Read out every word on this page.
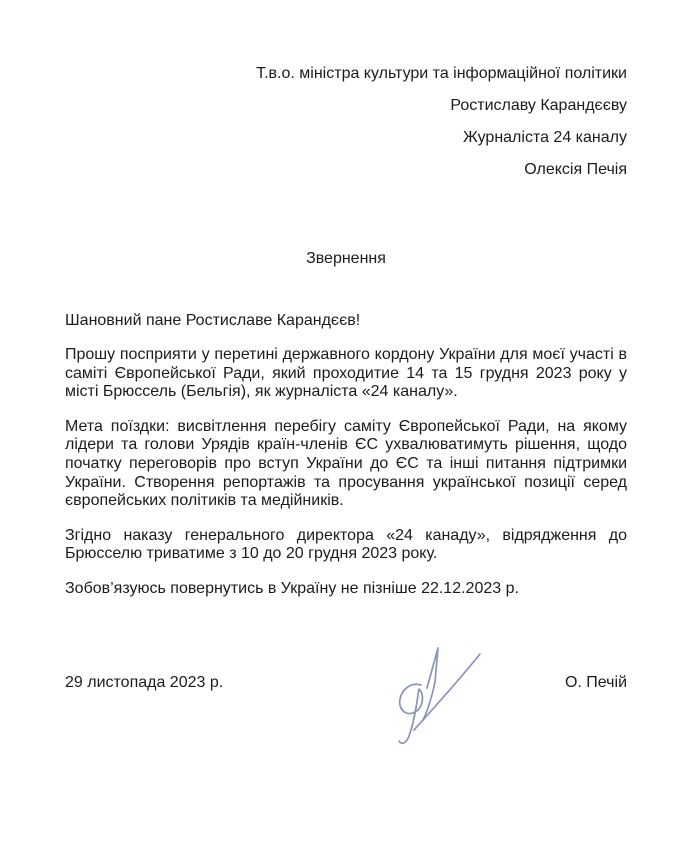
Т.в.о. міністра культури та інформаційної політики
Ростиславу Карандєєву
Журналіста 24 каналу
Олексія Печія
Звернення
Шановний пане Ростиславе Карандєєв!

Прошу посприяти у перетині державного кордону України для моєї участі в саміті Європейської Ради, який проходитие 14 та 15 грудня 2023 року у місті Брюссель (Бельгія), як журналіста «24 каналу».

Мета поїздки: висвітлення перебігу саміту Європейської Ради, на якому лідери та голови Урядів країн-членів ЄС ухвалюватимуть рішення, щодо початку переговорів про вступ України до ЄС та інші питання підтримки України. Створення репортажів та просування української позиції серед європейських політиків та медійників.

Згідно наказу генерального директора «24 канаду», відрядження до Брюсселю триватиме з 10 до 20 грудня 2023 року.

Зобов’язуюсь повернутись в Україну не пізніше 22.12.2023 р.

29 листопада 2023 р.	О. Печій
